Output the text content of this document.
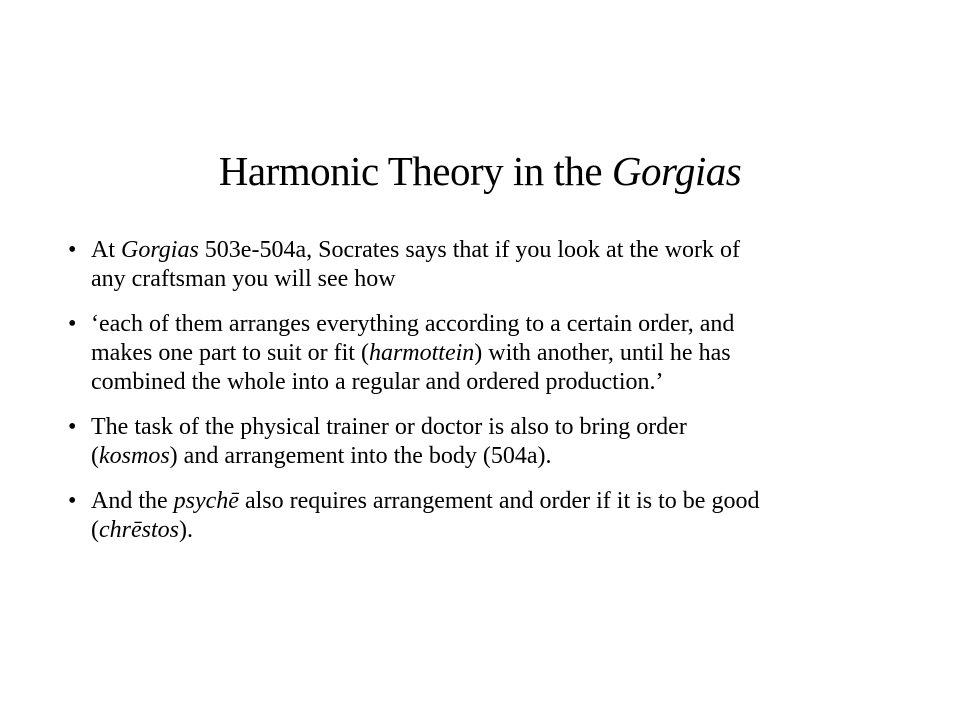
Harmonic Theory in the Gorgias
• At Gorgias 503e-504a, Socrates says that if you look at the work of
any craftsman you will see how
• ‘each of them arranges everything according to a certain order, and
makes one part to suit or fit (harmottein) with another, until he has
combined the whole into a regular and ordered production.’
• The task of the physical trainer or doctor is also to bring order
(kosmos) and arrangement into the body (504a).
• And the psychē also requires arrangement and order if it is to be good
(chrēstos).
